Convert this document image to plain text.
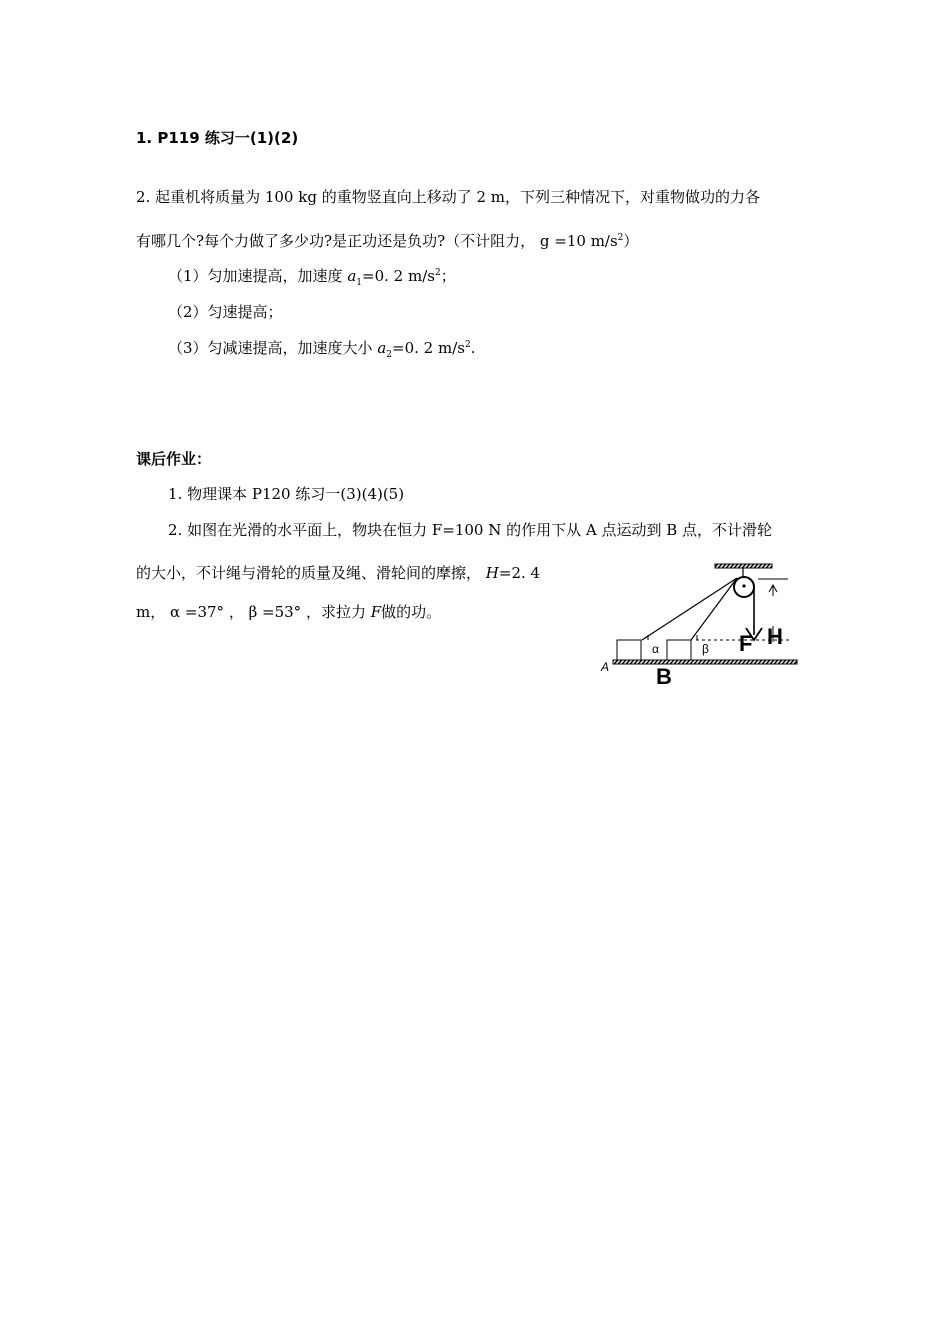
1. P119 练习一(1)(2)
2. 起重机将质量为 100 kg 的重物竖直向上移动了 2 m，下列三种情况下，对重物做功的力各
有哪几个?每个力做了多少功?是正功还是负功?（不计阻力， g =10 $m/s^2$）
（1）匀加速提高，加速度 $a_1=0$. 2 $m/s^2$；
（2）匀速提高；
（3）匀减速提高，加速度大小 $a_2=0$. 2 $m/s^2$.
课后作业：
1. 物理课本 P120 练习一(3)(4)(5)
2. 如图在光滑的水平面上，物块在恒力 F=100 N 的作用下从 A 点运动到 B 点，不计滑轮
的大小，不计绳与滑轮的质量及绳、滑轮间的摩擦， H=2. 4
m， α =37° ， β =53° ，求拉力 F做的功。
α	β
A B
F H
